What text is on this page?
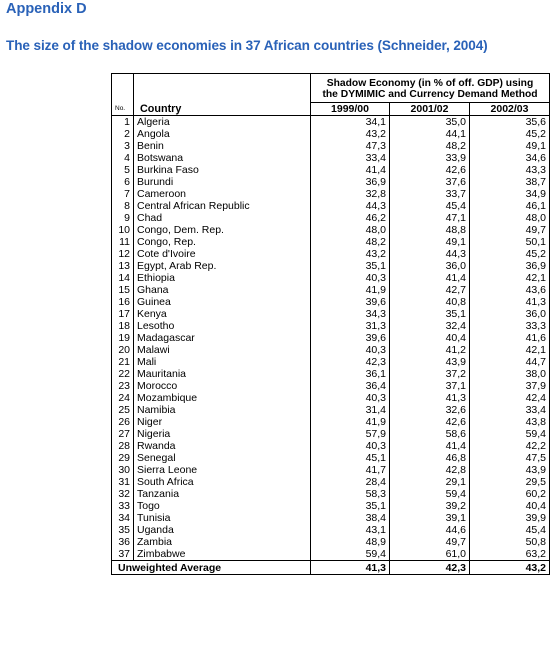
Appendix D
The size of the shadow economies in 37 African countries (Schneider, 2004)

		Shadow Economy (in % of off. GDP) using
the DYMIMIC and Currency Demand Method		

No.	Country	1999/00	2001/02	2002/03
1	Algeria	34,1	35,0	35,6
2	Angola	43,2	44,1	45,2
3	Benin	47,3	48,2	49,1
4	Botswana	33,4	33,9	34,6
5	Burkina Faso	41,4	42,6	43,3
6	Burundi	36,9	37,6	38,7
7	Cameroon	32,8	33,7	34,9
8	Central African Republic	44,3	45,4	46,1
9	Chad	46,2	47,1	48,0
10	Congo, Dem. Rep.	48,0	48,8	49,7
11	Congo, Rep.	48,2	49,1	50,1
12	Cote d'Ivoire	43,2	44,3	45,2
13	Egypt, Arab Rep.	35,1	36,0	36,9
14	Ethiopia	40,3	41,4	42,1
15	Ghana	41,9	42,7	43,6
16	Guinea	39,6	40,8	41,3
17	Kenya	34,3	35,1	36,0
18	Lesotho	31,3	32,4	33,3
19	Madagascar	39,6	40,4	41,6
20	Malawi	40,3	41,2	42,1
21	Mali	42,3	43,9	44,7
22	Mauritania	36,1	37,2	38,0
23	Morocco	36,4	37,1	37,9
24	Mozambique	40,3	41,3	42,4
25	Namibia	31,4	32,6	33,4
26	Niger	41,9	42,6	43,8
27	Nigeria	57,9	58,6	59,4
28	Rwanda	40,3	41,4	42,2
29	Senegal	45,1	46,8	47,5
30	Sierra Leone	41,7	42,8	43,9
31	South Africa	28,4	29,1	29,5
32	Tanzania	58,3	59,4	60,2
33	Togo	35,1	39,2	40,4
34	Tunisia	38,4	39,1	39,9
35	Uganda	43,1	44,6	45,4
36	Zambia	48,9	49,7	50,8
37	Zimbabwe	59,4	61,0	63,2
Unweighted Average		41,3	42,3	43,2
